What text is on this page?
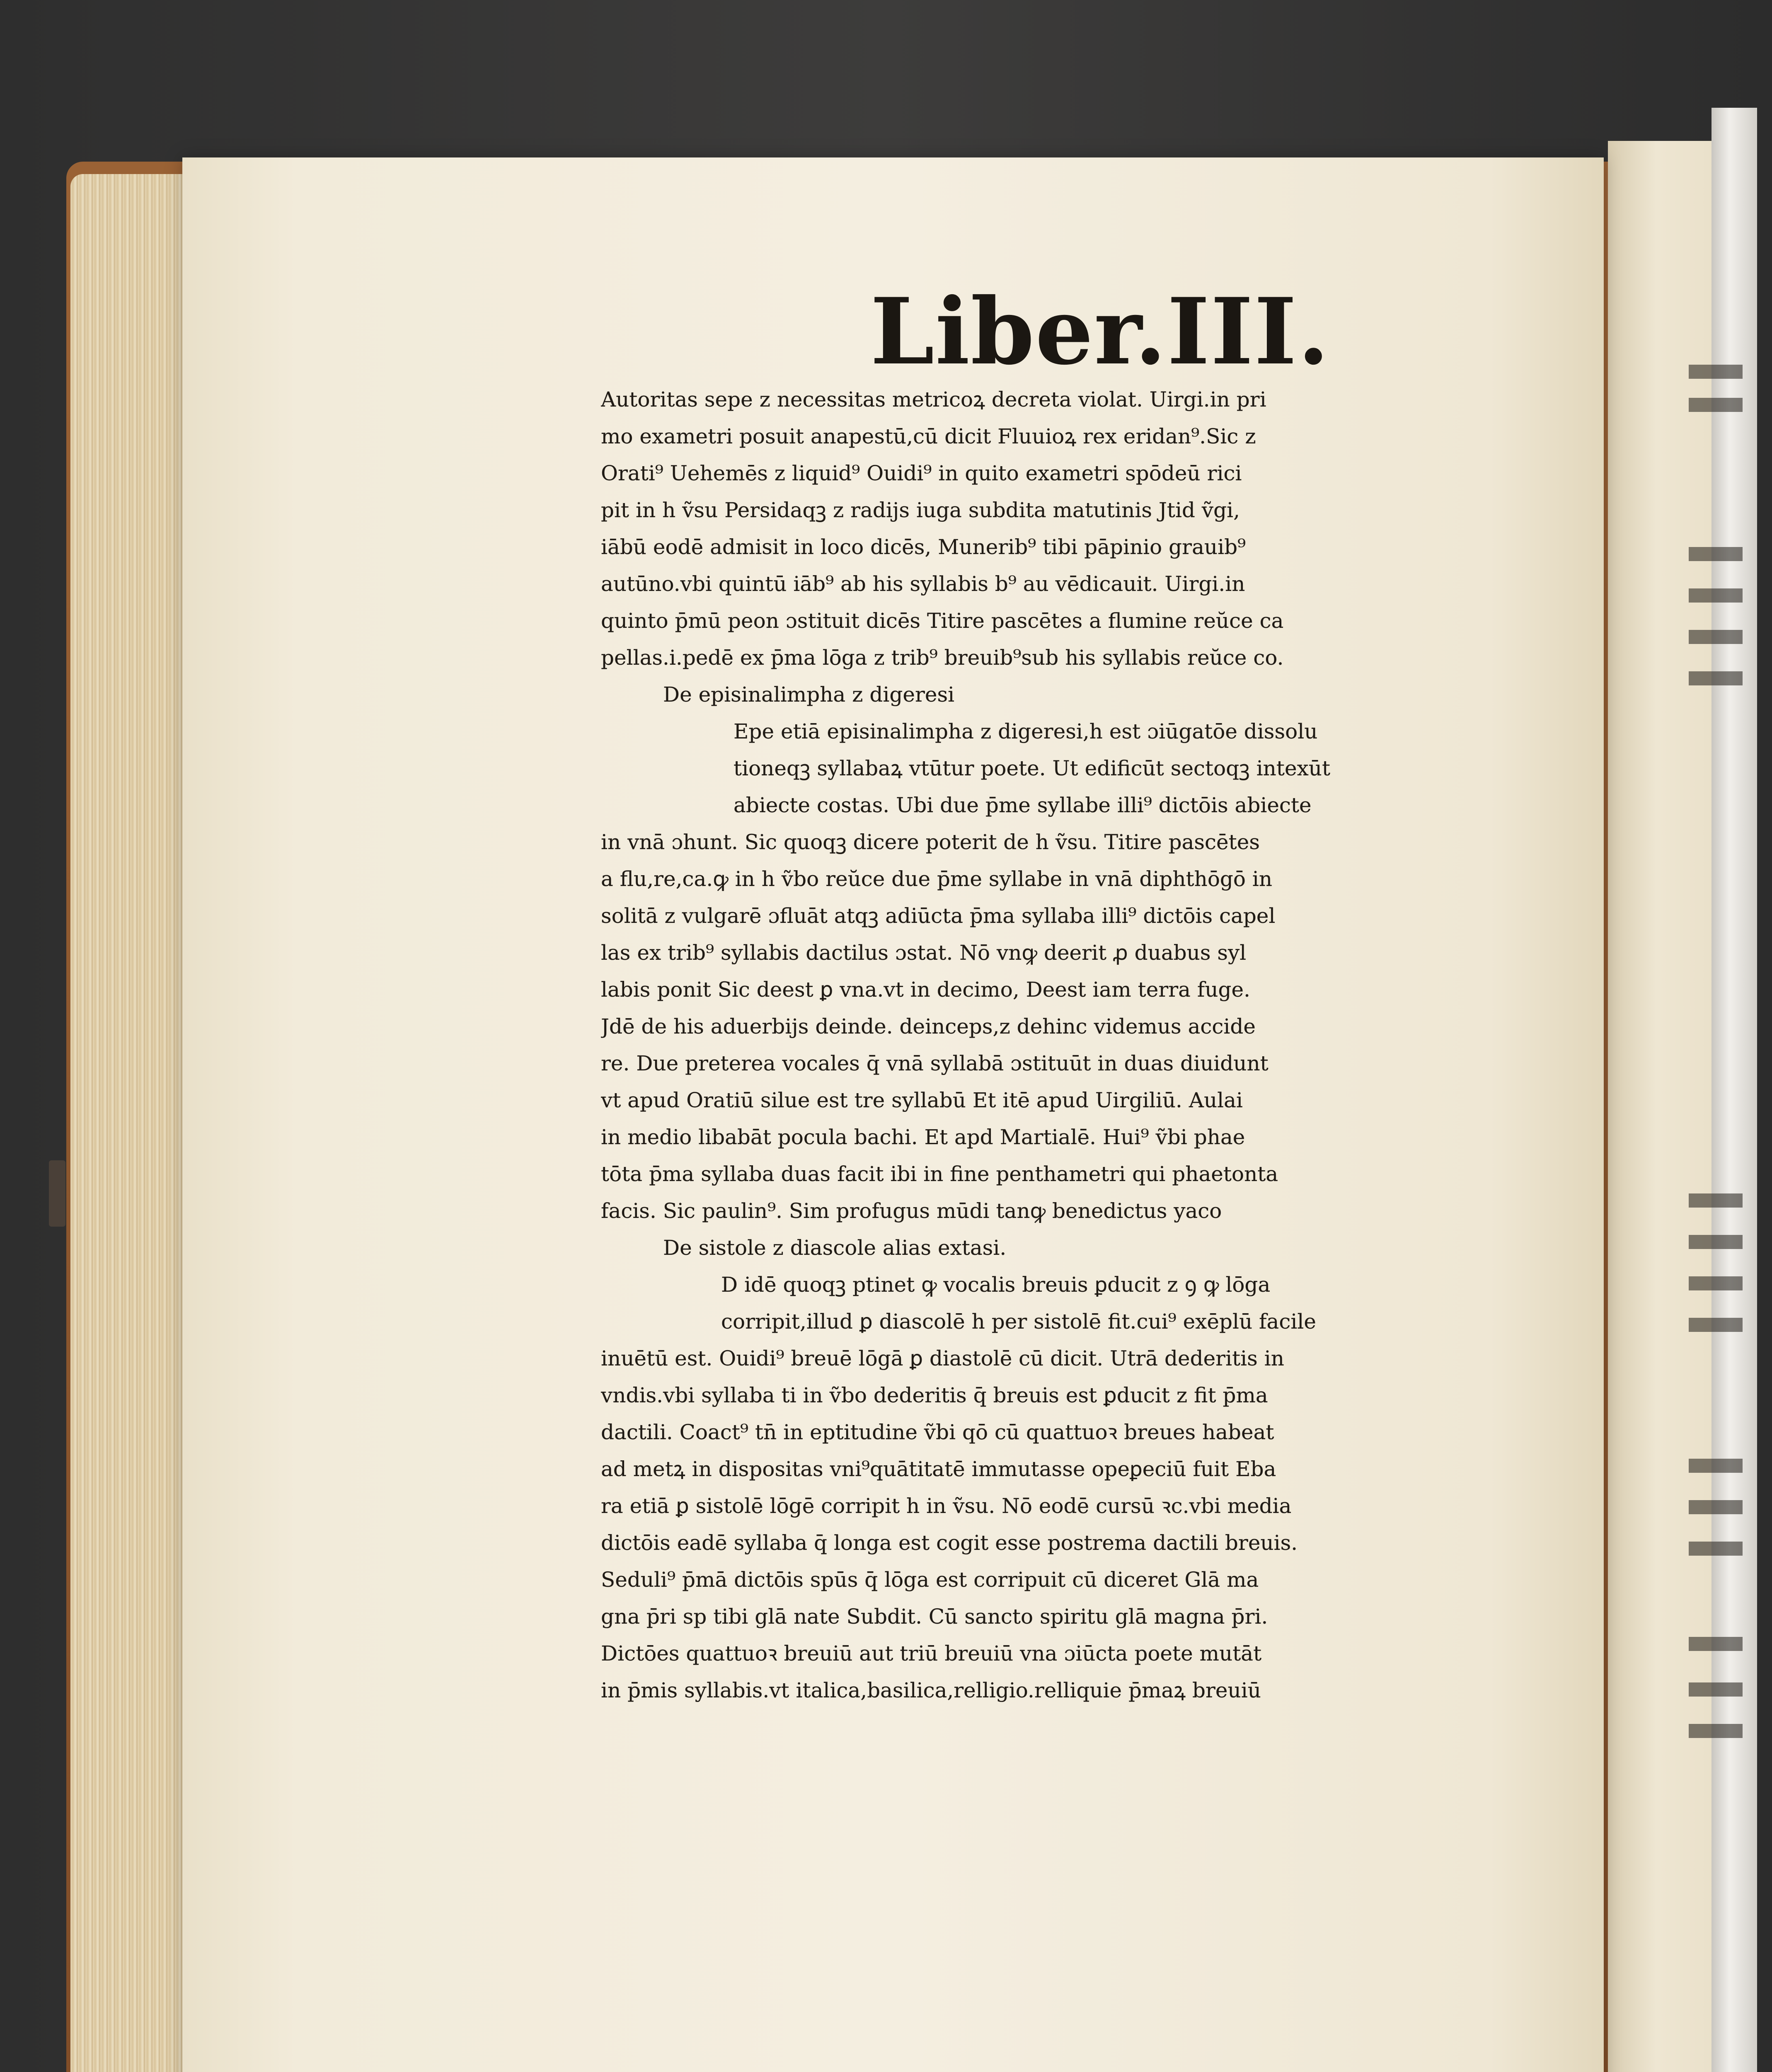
Liber.III.
Autoritas sepe z necessitas metricoꝝ decreta violat. Uirgi.in pri
mo exametri posuit anapestū,cū dicit Fluuioꝝ rex eridan⁹.Sic z
Orati⁹ Uehemēs z liquid⁹ Ouidi⁹ in quito exametri spōdeū rici
pit in h ṽsu Persidaqꝫ z radijs iuga subdita matutinis Jtid ṽgi,
iābū eodē admisit in loco dicēs, Munerib⁹ tibi pāpinio grauib⁹
autūno.vbi quintū iāb⁹ ab his syllabis b⁹ au vēdicauit. Uirgi.in
quinto p̄mū peon ɔstituit dicēs Titire pascētes a flumine reŭce ca
pellas.i.pedē ex p̄ma lōga z trib⁹ breuib⁹sub his syllabis reŭce co.
De episinalimpha z digeresi
Epe etiā episinalimpha z digeresi,h est ɔiūgatōe dissolu
tioneqꝫ syllabaꝝ vtūtur poete. Ut edificūt sectoqꝫ intexūt
abiecte costas. Ubi due p̄me syllabe illi⁹ dictōis abiecte
in vnā ɔhunt. Sic quoqꝫ dicere poterit de h ṽsu. Titire pascētes
a flu,re,ca.ꝙ in h ṽbo reŭce due p̄me syllabe in vnā diphthōgō in
solitā z vulgarē ɔfluāt atqꝫ adiūcta p̄ma syllaba illi⁹ dictōis capel
las ex trib⁹ syllabis dactilus ɔstat. Nō vnꝙ deerit ꝓ duabus syl
labis ponit Sic deest ꝑ vna.vt in decimo, Deest iam terra fuge.
Jdē de his aduerbijs deinde. deinceps,z dehinc videmus accide
re. Due preterea vocales q̄ vnā syllabā ɔstituūt in duas diuidunt
vt apud Oratiū silue est tre syllabū Et itē apud Uirgiliū. Aulai
in medio libabāt pocula bachi. Et apd Martialē. Hui⁹ ṽbi phae
tōta p̄ma syllaba duas facit ibi in fine penthametri qui phaetonta
facis. Sic paulin⁹. Sim profugus mūdi tanꝙ benedictus yaco
De sistole z diascole alias extasi.
D idē quoqꝫ ptinet ꝙ vocalis breuis ꝑducit z ꝯ ꝙ lōga
corripit,illud ꝑ diascolē h per sistolē fit.cui⁹ exēplū facile
inuētū est. Ouidi⁹ breuē lōgā ꝑ diastolē cū dicit. Utrā dederitis in
vndis.vbi syllaba ti in ṽbo dederitis q̄ breuis est ꝑducit z fit p̄ma
dactili. Coact⁹ tn̄ in eptitudine ṽbi qō cū quattuoꝛ breues habeat
ad metꝝ in dispositas vni⁹quātitatē immutasse opeꝑeciū fuit Eba
ra etiā ꝑ sistolē lōgē corripit h in ṽsu. Nō eodē cursū ꝛc.vbi media
dictōis eadē syllaba q̄ longa est cogit esse postrema dactili breuis.
Seduli⁹ p̄mā dictōis spūs q̄ lōga est corripuit cū diceret Glā ma
gna p̄ri sp tibi glā nate Subdit. Cū sancto spiritu glā magna p̄ri.
Dictōes quattuoꝛ breuiū aut triū breuiū vna ɔiūcta poete mutāt
in p̄mis syllabis.vt italica,basilica,relligio.relliquie p̄maꝝ breuiū
